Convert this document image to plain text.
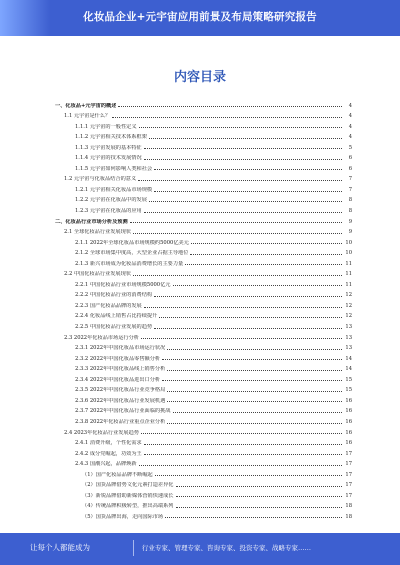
化妆品企业+元宇宙应用前景及布局策略研究报告
内容目录
一、化妆品+元宇宙的概述	4
1.1 元宇宙是什么？	4
1.1.1 元宇宙的一般性定义	4
1.1.2 元宇宙相关技术体系框架	4
1.1.3 元宇宙发展的基本特征	5
1.1.4 元宇宙的技术发展情况	6
1.1.5 元宇宙如何影响人类和社会	6
1.2 元宇宙与化妆品结合的意义	7
1.2.1 元宇宙相关化妆品市场规模	7
1.2.2 元宇宙在化妆品中的发展	8
1.2.3 元宇宙在化妆品的应用	8
二、化妆品行业市场分析及预测	9
2.1 全球化妆品行业发展现状	9
2.1.1 2022年全球化妆品市场规模约5000亿美元	10
2.1.2 全球市场集中度高，大型企业占据主导地位	10
2.1.3 新兴市场成为化妆品消费增长的主要力量	11
2.2 中国化妆品行业发展现状	11
2.2.1 中国化妆品行业市场规模5000亿元	11
2.2.2 中国化妆品行业的消费结构	12
2.2.3 国产化妆品品牌的发展	12
2.2.4 化妆品线上销售占比持续提升	12
2.2.5 中国化妆品行业发展的趋势	13
2.3 2022年化妆品市场运行分析	13
2.3.1 2022年中国化妆品市场运行状况	13
2.3.2 2022年中国化妆品零售额分析	14
2.3.3 2022年中国化妆品线上销售分析	14
2.3.4 2022年中国化妆品进出口分析	15
2.3.5 2022年中国化妆品行业竞争格局	15
2.3.6 2022年中国化妆品行业发展机遇	16
2.3.7 2022年中国化妆品行业面临的挑战	16
2.3.8 2022年化妆品行业重点企业分析	16
2.4 2023年化妆品行业发展趋势	16
2.4.1 消费升级，个性化需求	16
2.4.2 成分党崛起，功效为王	17
2.4.3 国潮兴起，品牌焕新	17
（1）国产化妆品品牌不断崛起	17
（2）国货品牌借势文化元素打造差异化	17
（3）新锐品牌借助新媒体营销快速成长	17
（4）传统品牌积极转型，推出高端系列	18
（5）国货品牌出海，走向国际市场	18
让每个人都能成为	行业专家、管理专家、咨询专家、投资专家、战略专家……
